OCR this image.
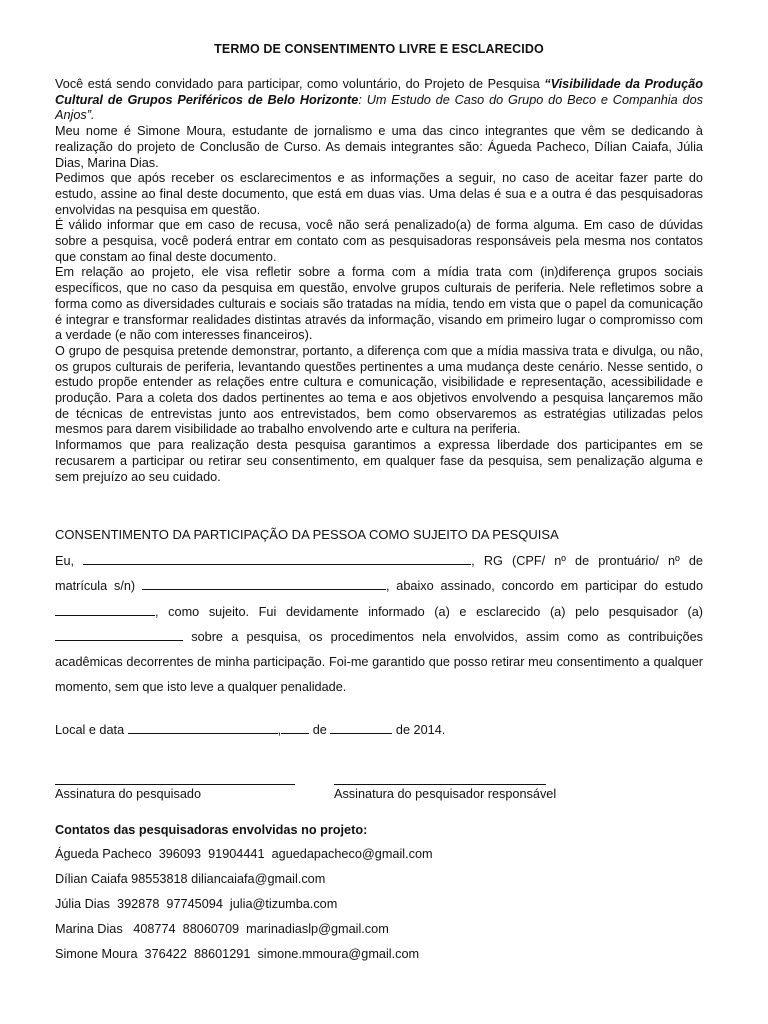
TERMO DE CONSENTIMENTO LIVRE E ESCLARECIDO

Você está sendo convidado para participar, como voluntário, do Projeto de Pesquisa “Visibilidade da Produção Cultural de Grupos Periféricos de Belo Horizonte: Um Estudo de Caso do Grupo do Beco e Companhia dos Anjos”.

Meu nome é Simone Moura, estudante de jornalismo e uma das cinco integrantes que vêm se dedicando à realização do projeto de Conclusão de Curso. As demais integrantes são: Águeda Pacheco, Dílian Caiafa, Júlia Dias, Marina Dias.

Pedimos que após receber os esclarecimentos e as informações a seguir, no caso de aceitar fazer parte do estudo, assine ao final deste documento, que está em duas vias. Uma delas é sua e a outra é das pesquisadoras envolvidas na pesquisa em questão.

É válido informar que em caso de recusa, você não será penalizado(a) de forma alguma. Em caso de dúvidas sobre a pesquisa, você poderá entrar em contato com as pesquisadoras responsáveis pela mesma nos contatos que constam ao final deste documento.

Em relação ao projeto, ele visa refletir sobre a forma com a mídia trata com (in)diferença grupos sociais específicos, que no caso da pesquisa em questão, envolve grupos culturais de periferia. Nele refletimos sobre a forma como as diversidades culturais e sociais são tratadas na mídia, tendo em vista que o papel da comunicação é integrar e transformar realidades distintas através da informação, visando em primeiro lugar o compromisso com a verdade (e não com interesses financeiros).

O grupo de pesquisa pretende demonstrar, portanto, a diferença com que a mídia massiva trata e divulga, ou não, os grupos culturais de periferia, levantando questões pertinentes a uma mudança deste cenário. Nesse sentido, o estudo propõe entender as relações entre cultura e comunicação, visibilidade e representação, acessibilidade e produção. Para a coleta dos dados pertinentes ao tema e aos objetivos envolvendo a pesquisa lançaremos mão de técnicas de entrevistas junto aos entrevistados, bem como observaremos as estratégias utilizadas pelos mesmos para darem visibilidade ao trabalho envolvendo arte e cultura na periferia.

Informamos que para realização desta pesquisa garantimos a expressa liberdade dos participantes em se recusarem a participar ou retirar seu consentimento, em qualquer fase da pesquisa, sem penalização alguma e sem prejuízo ao seu cuidado.

CONSENTIMENTO DA PARTICIPAÇÃO DA PESSOA COMO SUJEITO DA PESQUISA

Eu,	, RG (CPF/ nº de prontuário/ nº de matrícula s/n)	, abaixo assinado, concordo em participar do estudo , como sujeito. Fui devidamente informado (a) e esclarecido (a) pelo pesquisador (a)  sobre a pesquisa, os procedimentos nela envolvidos, assim como as contribuições acadêmicas decorrentes de minha participação. Foi-me garantido que posso retirar meu consentimento a qualquer momento, sem que isto leve a qualquer penalidade.

Local e data	, de	de 2014.
Assinatura do pesquisado	Assinatura do pesquisador responsável
Contatos das pesquisadoras envolvidas no projeto:
Águeda Pacheco  396093  91904441  aguedapacheco@gmail.com
Dílian Caiafa 98553818 diliancaiafa@gmail.com
Júlia Dias  392878  97745094  julia@tizumba.com
Marina Dias   408774  88060709  marinadiaslp@gmail.com
Simone Moura  376422  88601291  simone.mmoura@gmail.com
